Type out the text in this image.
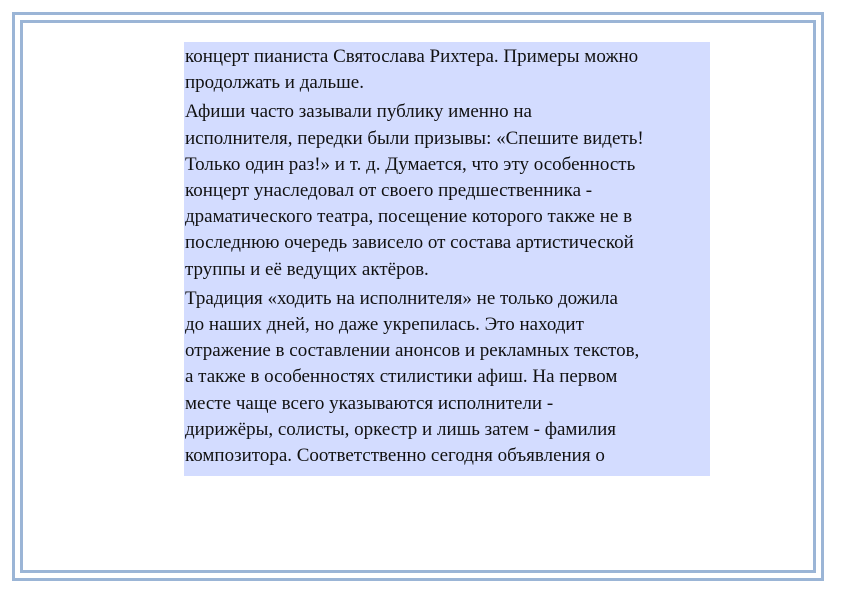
концерт пианиста Святослава Рихтера. Примеры можно
продолжать и дальше.

Афиши часто зазывали публику именно на
исполнителя, передки были призывы: «Спешите видеть!
Только один раз!» и т. д. Думается, что эту особенность
концерт унаследовал от своего предшественника -
драматического театра, посещение которого также не в
последнюю очередь зависело от состава артистической
труппы и её ведущих актёров.

Традиция «ходить на исполнителя» не только дожила
до наших дней, но даже укрепилась. Это находит
отражение в составлении анонсов и рекламных текстов,
а также в особенностях стилистики афиш. На первом
месте чаще всего указываются исполнители -
дирижёры, солисты, оркестр и лишь затем - фамилия
композитора. Соответственно сегодня объявления о
